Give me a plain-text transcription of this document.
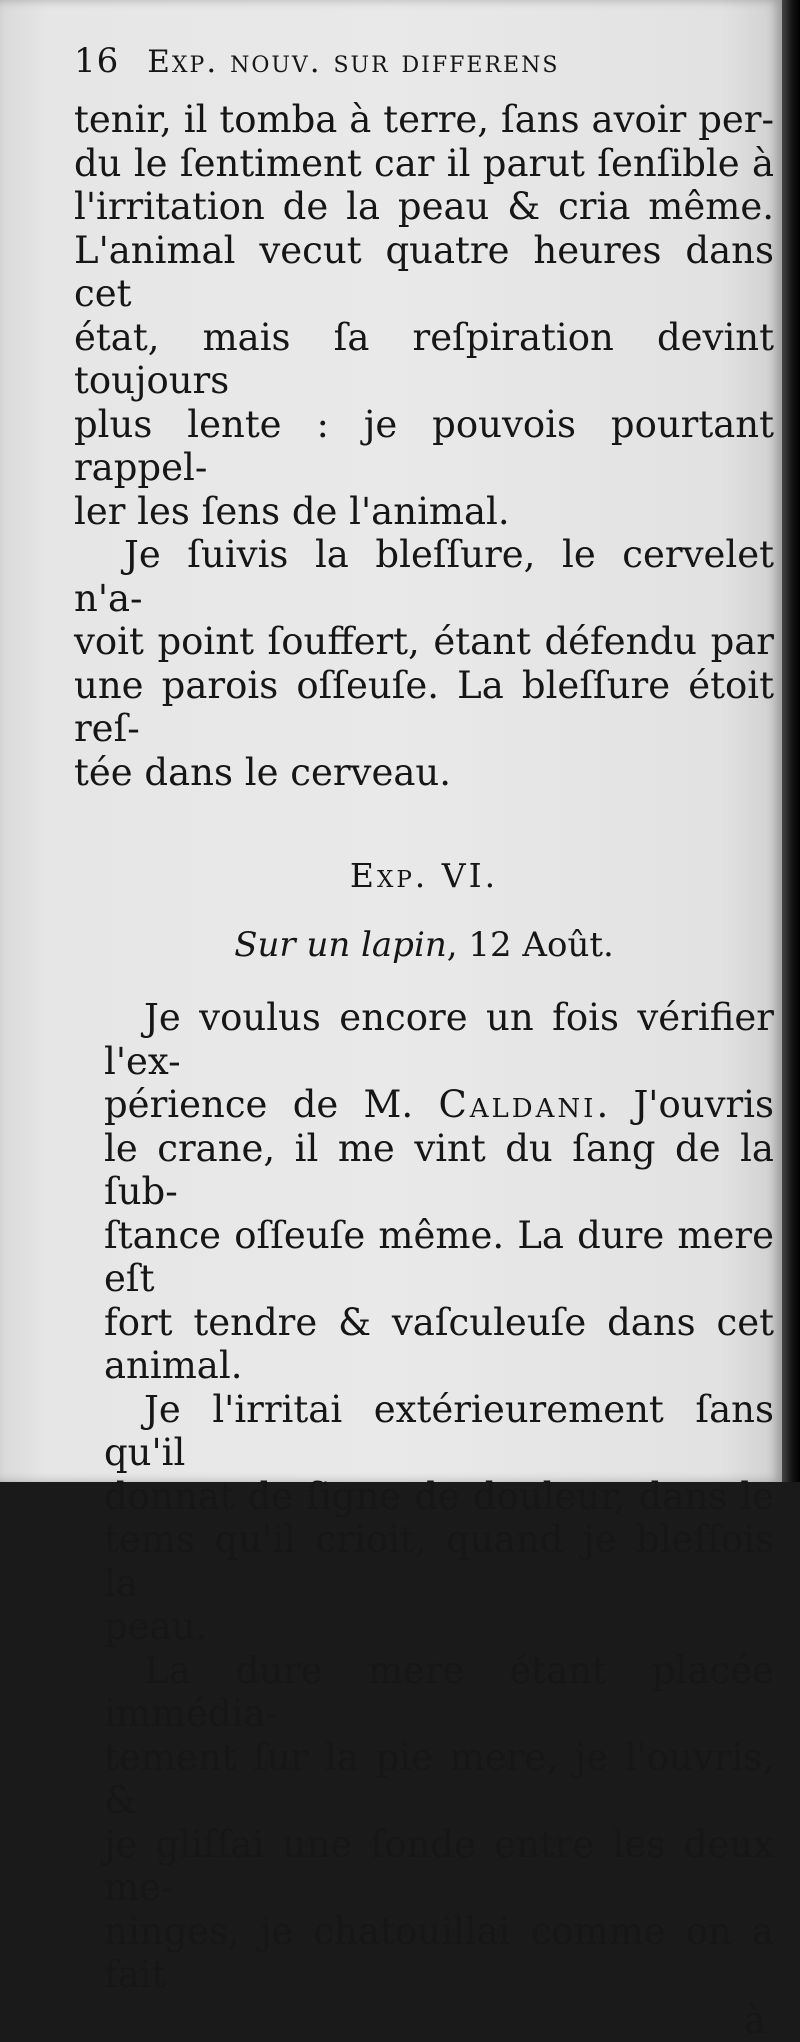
16 Exp. nouv. sur differens

tenir, il tomba à terre, ſans avoir per-

du le ſentiment car il parut ſenſible à

l'irritation de la peau & cria même.

L'animal vecut quatre heures dans cet

état, mais ſa reſpiration devint toujours

plus lente : je pouvois pourtant rappel-

ler les ſens de l'animal.

Je ſuivis la bleſſure, le cervelet n'a-

voit point ſouffert, étant défendu par

une parois oſſeuſe. La bleſſure étoit reſ-

tée dans le cerveau.

Exp. VI.
Sur un lapin, 12 Août.

Je voulus encore un fois vérifier l'ex-

périence de M. Caldani. J'ouvris

le crane, il me vint du ſang de la ſub-

ſtance oſſeuſe même. La dure mere eſt

fort tendre & vaſculeuſe dans cet animal.

Je l'irritai extérieurement ſans qu'il

donnat de ſigne de douleur, dans le

tems qu'il crioit, quand je bleſſois la

peau.

La dure mere étant placée immédia-

tement ſur la pie mere, je l'ouvris, &

je gliſſai une ſonde entre les deux me-

ninges, je chatouillai comme on a fait

à
